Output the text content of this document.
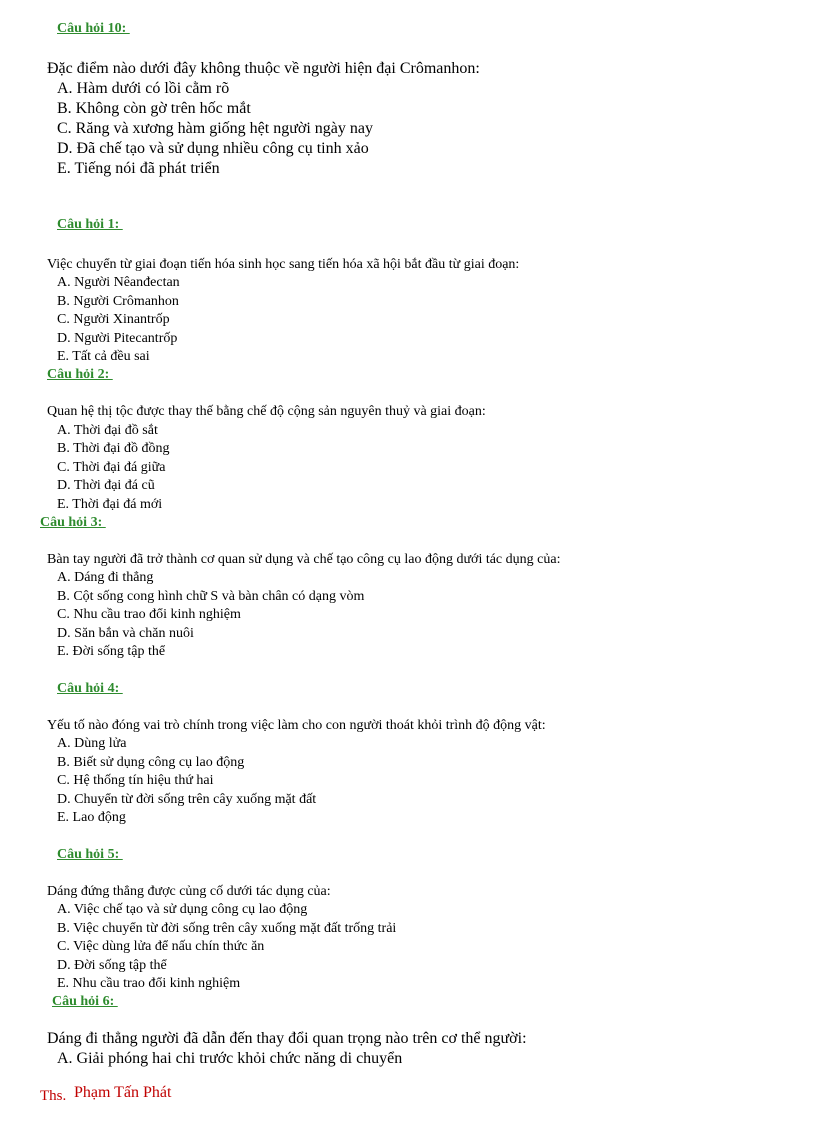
Câu hỏi 10:
Đặc điểm nào dưới đây không thuộc về người hiện đại Crômanhon:
A. Hàm dưới có lồi cằm rõ
B. Không còn gờ trên hốc mắt
C. Răng và xương hàm giống hệt người ngày nay
D. Đã chế tạo và sử dụng nhiều công cụ tinh xảo
E. Tiếng nói đã phát triển
Câu hỏi 1:
Việc chuyển từ giai đoạn tiến hóa sinh học sang tiến hóa xã hội bắt đầu từ giai đoạn:
A. Người Nêanđectan
B. Người Crômanhon
C. Người Xinantrốp
D. Người Pitecantrốp
E. Tất cả đều sai
Câu hỏi 2:
Quan hệ thị tộc được thay thế bằng chế độ cộng sản nguyên thuỷ và giai đoạn:
A. Thời đại đồ sắt
B. Thời đại đồ đồng
C. Thời đại đá giữa
D. Thời đại đá cũ
E. Thời đại đá mới
Câu hỏi 3:
Bàn tay người đã trở thành cơ quan sử dụng và chế tạo công cụ lao động dưới tác dụng của:
A. Dáng đi thẳng
B. Cột sống cong hình chữ S và bàn chân có dạng vòm
C. Nhu cầu trao đổi kinh nghiệm
D. Săn bắn và chăn nuôi
E. Đời sống tập thể
Câu hỏi 4:
Yếu tố nào đóng vai trò chính trong việc làm cho con người thoát khỏi trình độ động vật:
A. Dùng lửa
B. Biết sử dụng công cụ lao động
C. Hệ thống tín hiệu thứ hai
D. Chuyển từ đời sống trên cây xuống mặt đất
E. Lao động
Câu hỏi 5:
Dáng đứng thẳng được củng cố dưới tác dụng của:
A. Việc chế tạo và sử dụng công cụ lao động
B. Việc chuyển từ đời sống trên cây xuống mặt đất trống trải
C. Việc dùng lửa để nấu chín thức ăn
D. Đời sống tập thể
E. Nhu cầu trao đổi kinh nghiệm
Câu hỏi 6:
Dáng đi thẳng người đã dẫn đến thay đổi quan trọng nào trên cơ thể người:
A. Giải phóng hai chi trước khỏi chức năng di chuyển
Ths. Phạm Tấn Phát
